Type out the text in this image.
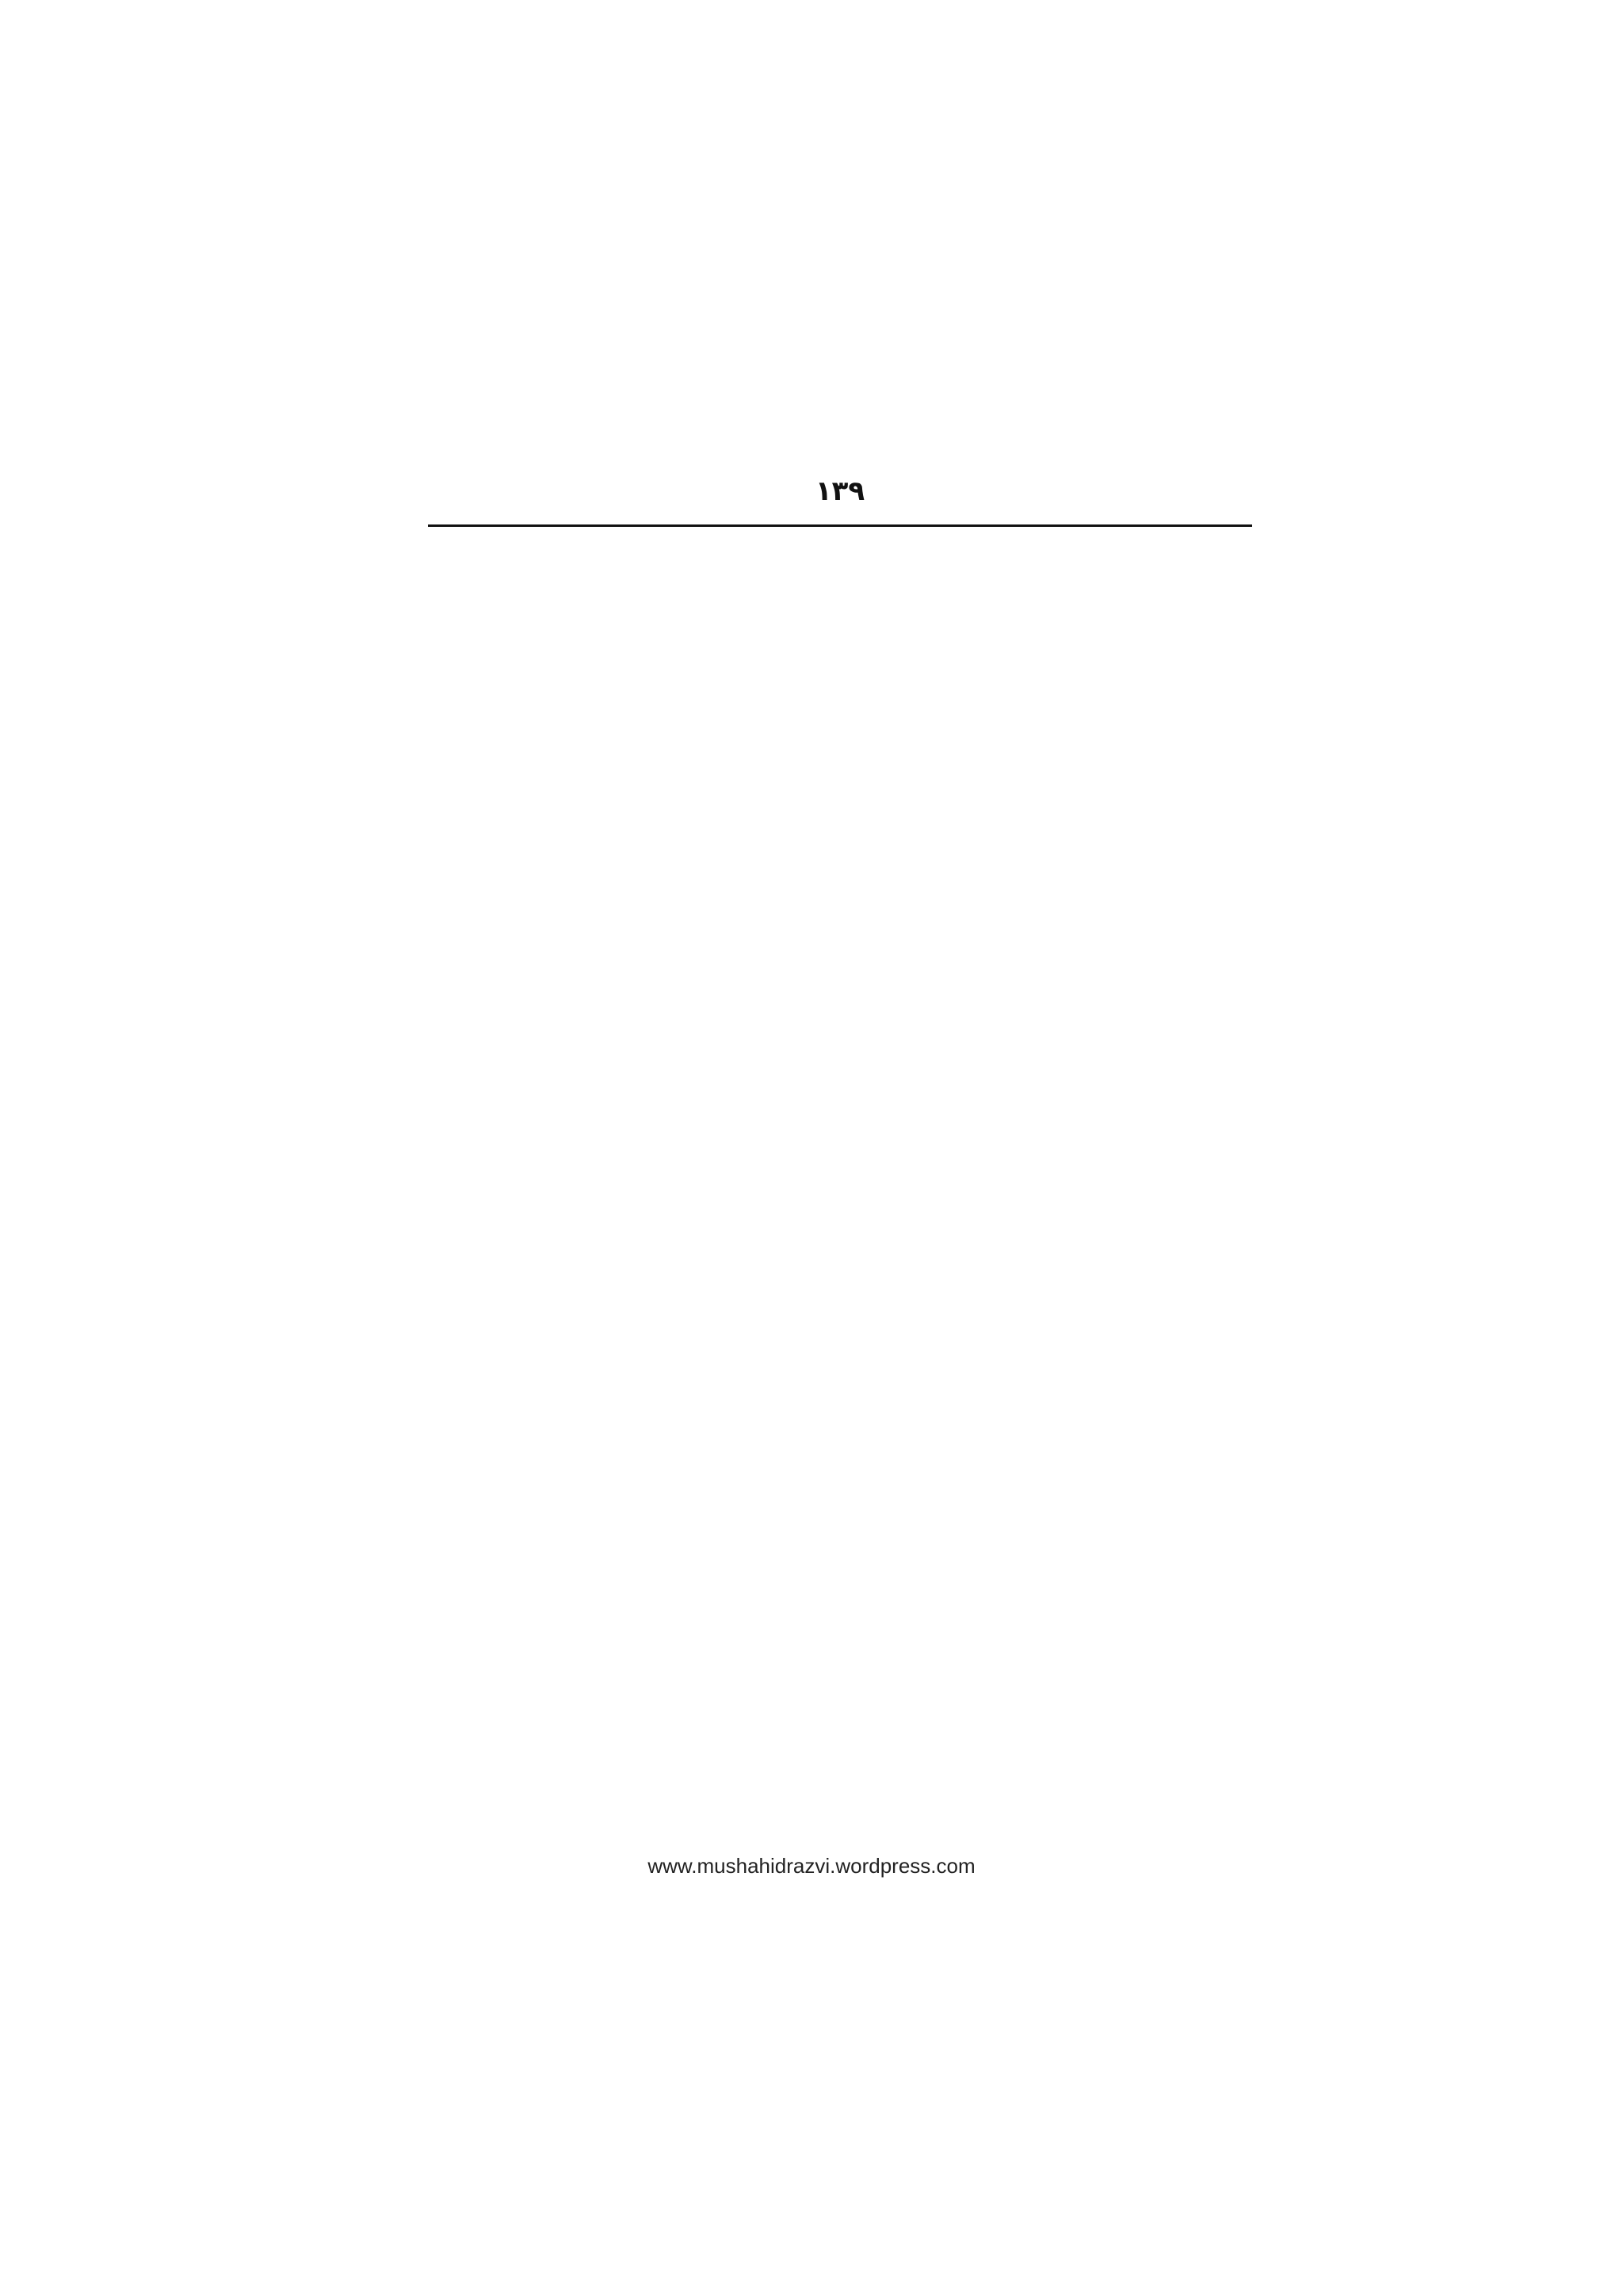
۱۳۹

www.mushahidrazvi.wordpress.com
